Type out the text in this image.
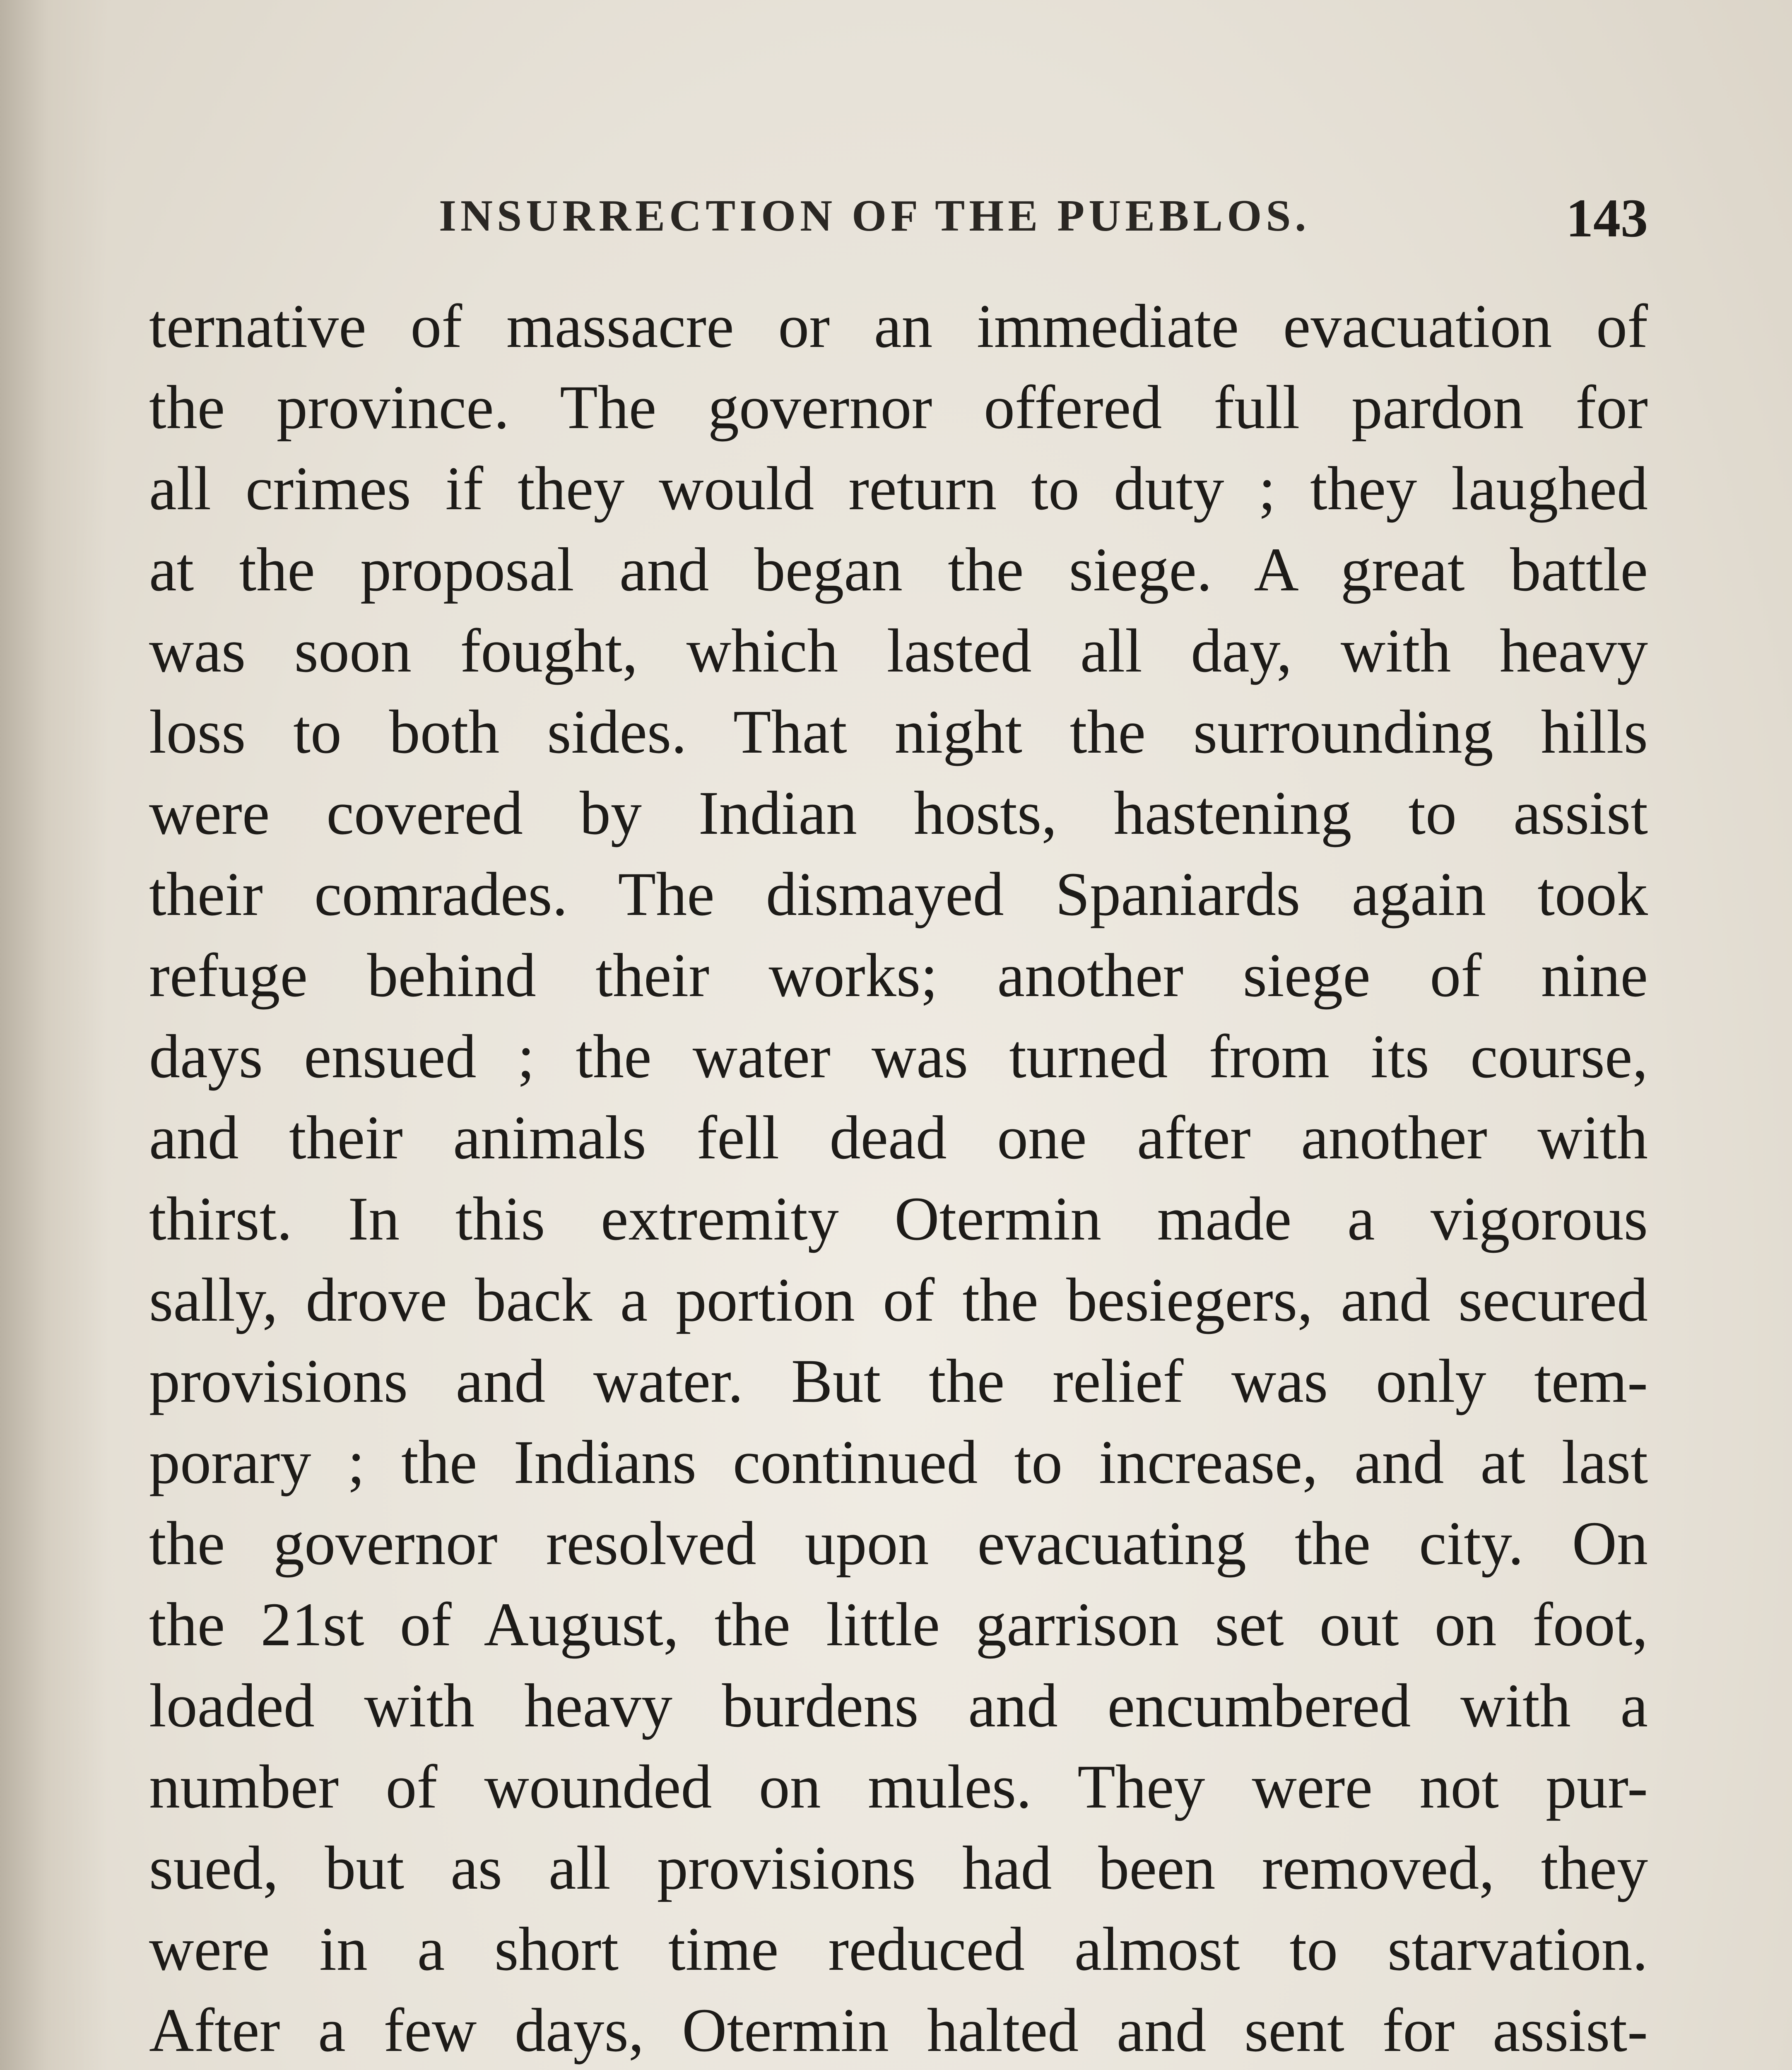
INSURRECTION OF THE PUEBLOS.	143
ternative of massacre or an immediate evacuation of
the province. The governor offered full pardon for
all crimes if they would return to duty ; they laughed
at the proposal and began the siege. A great battle
was soon fought, which lasted all day, with heavy
loss to both sides. That night the surrounding hills
were covered by Indian hosts, hastening to assist
their comrades. The dismayed Spaniards again took
refuge behind their works; another siege of nine
days ensued ; the water was turned from its course,
and their animals fell dead one after another with
thirst. In this extremity Otermin made a vigorous
sally, drove back a portion of the besiegers, and secured
provisions and water. But the relief was only tem-
porary ; the Indians continued to increase, and at last
the governor resolved upon evacuating the city. On
the 21st of August, the little garrison set out on foot,
loaded with heavy burdens and encumbered with a
number of wounded on mules. They were not pur-
sued, but as all provisions had been removed, they
were in a short time reduced almost to starvation.
After a few days, Otermin halted and sent for assist-
